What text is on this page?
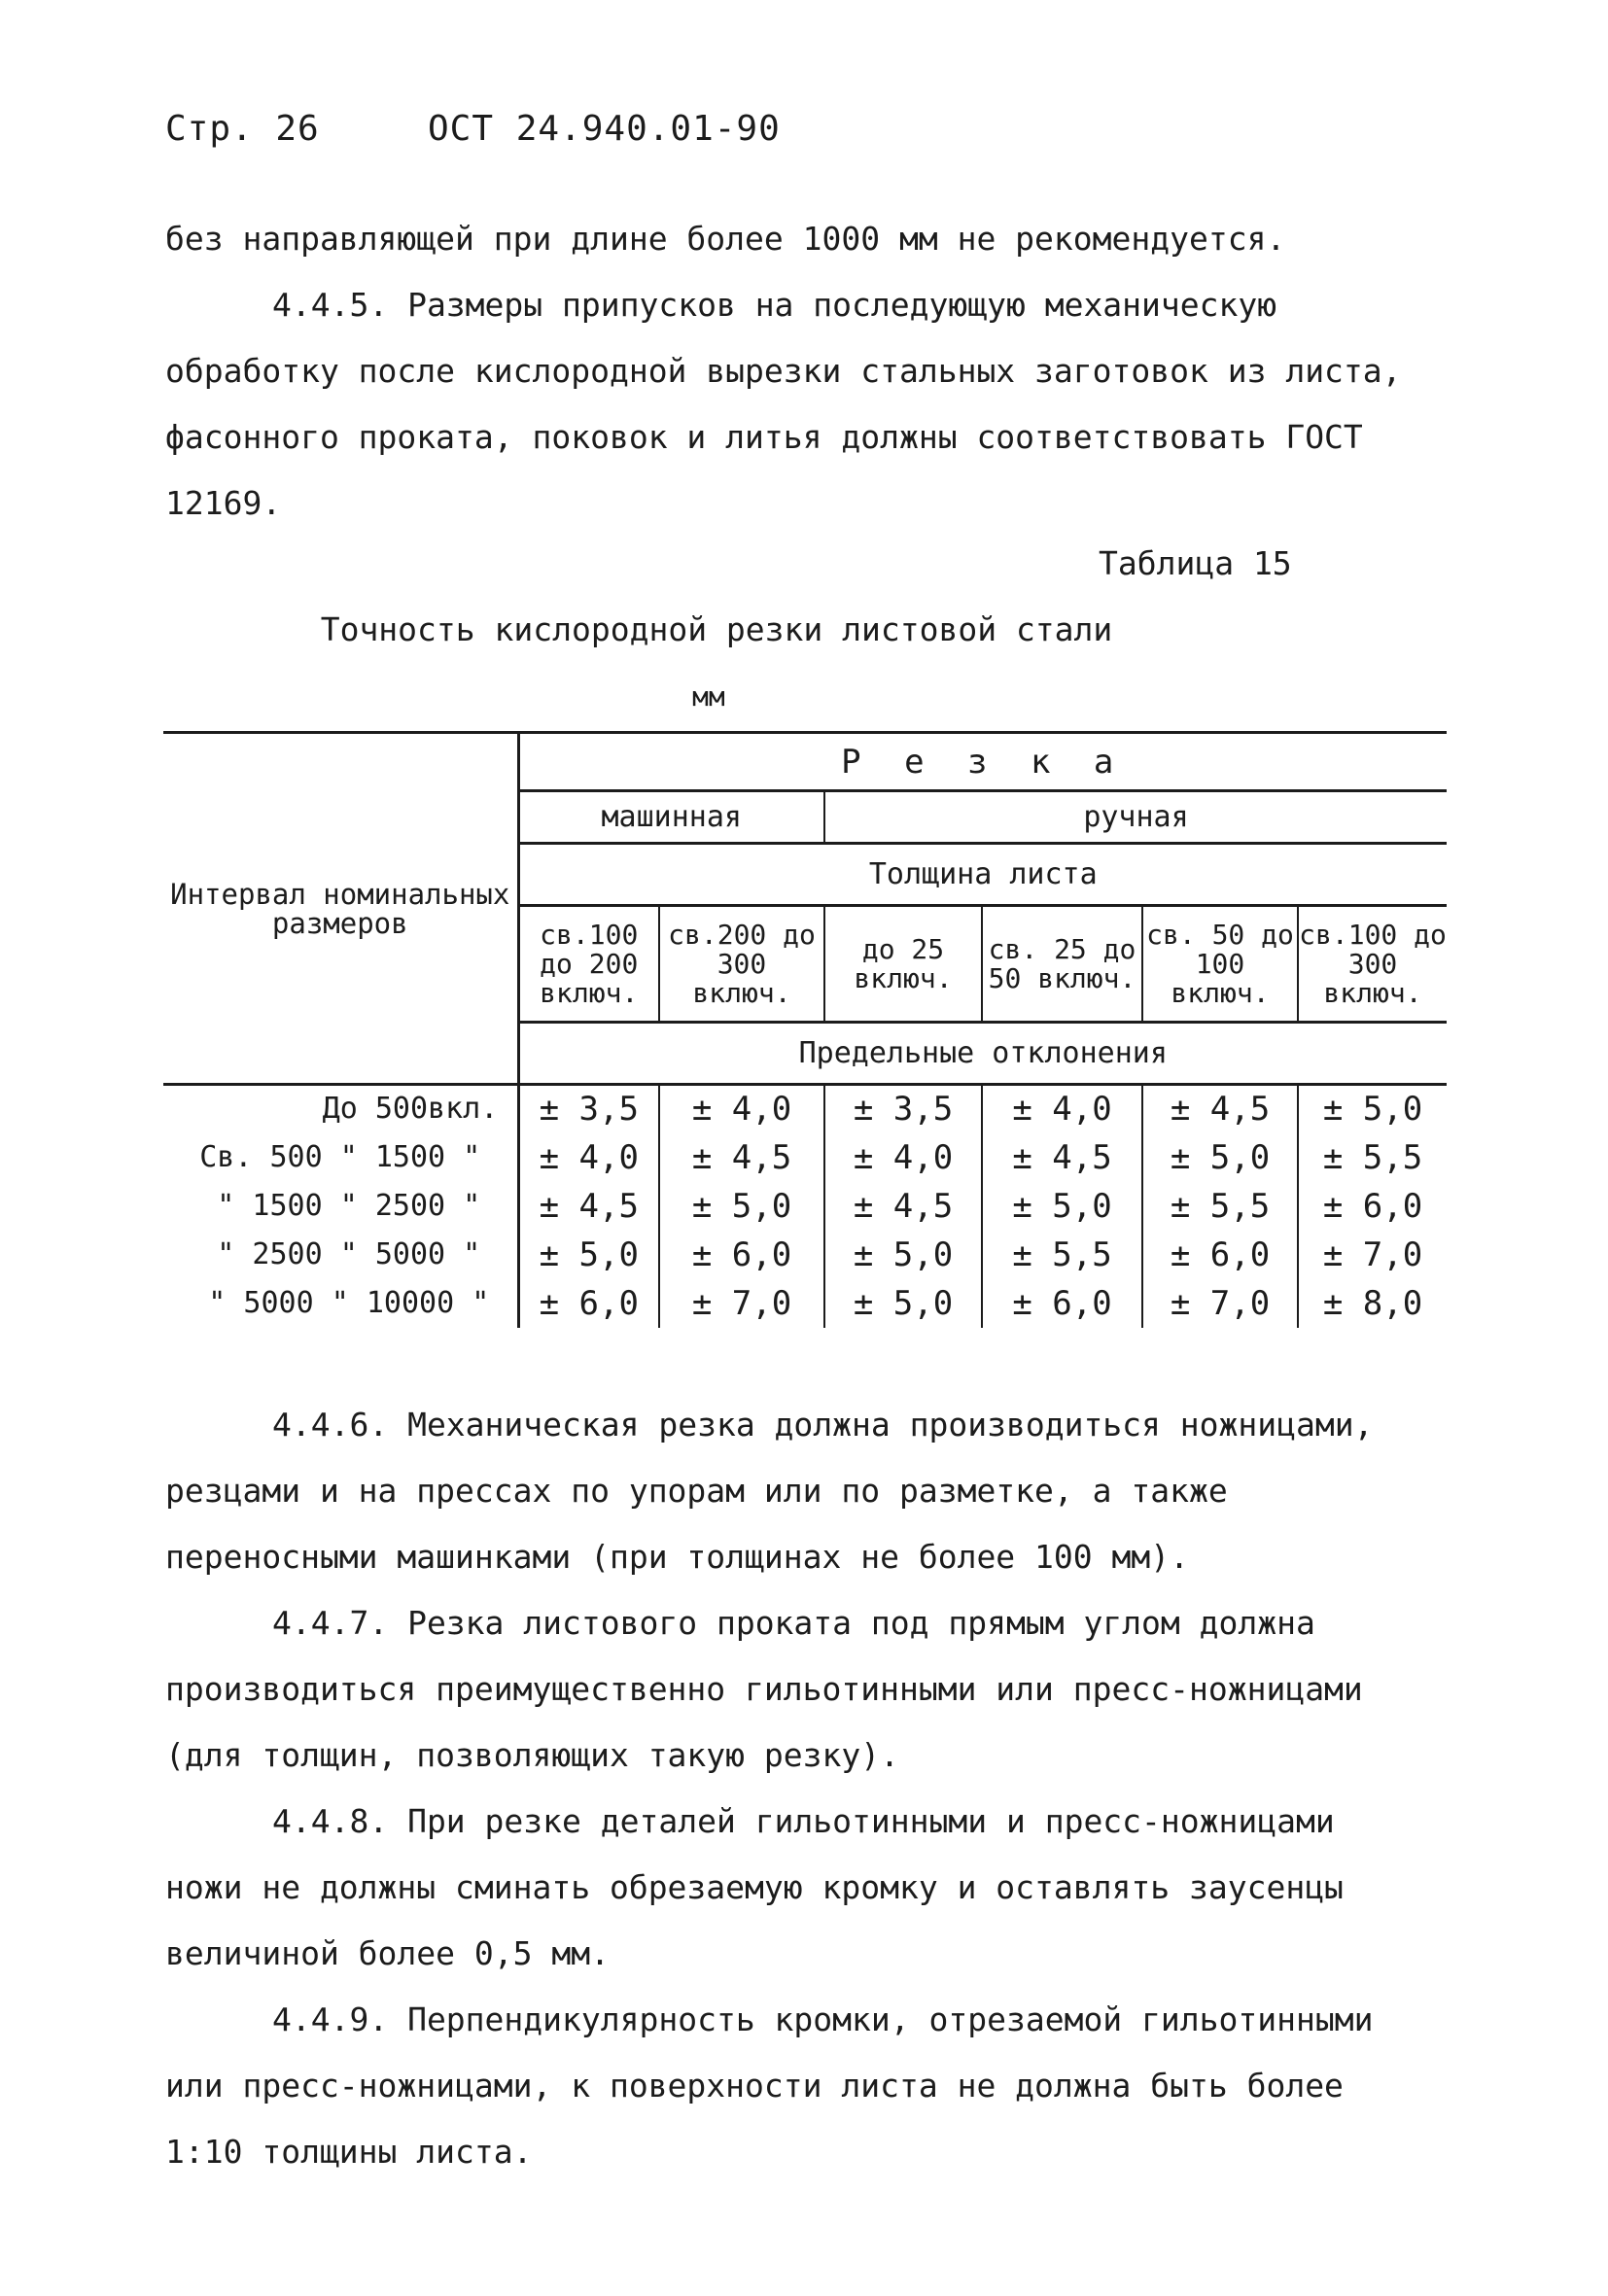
Стр. 26	ОСТ 24.940.01-90
без направляющей при длине более 1000 мм не рекомендуется.
4.4.5. Размеры припусков на последующую механическую обработку после кислородной вырезки стальных заготовок из листа, фасонного проката, поковок и литья должны соответствовать ГОСТ 12169.
Таблица 15
Точность кислородной резки листовой стали
мм
Интервал номинальных размеров	Р е з к а					
	машинная		ручная			
	Толщина листа					
	св.100 до 200 включ.	св.200 до 300 включ.	до 25 включ.	св. 25 до 50 включ.	св. 50 до 100 включ.	св.100 до 300 включ.
	Предельные отклонения					
До 500вкл.	± 3,5	± 4,0	± 3,5	± 4,0	± 4,5	± 5,0
Св. 500 " 1500 "	± 4,0	± 4,5	± 4,0	± 4,5	± 5,0	± 5,5
" 1500 " 2500 "	± 4,5	± 5,0	± 4,5	± 5,0	± 5,5	± 6,0
" 2500 " 5000 "	± 5,0	± 6,0	± 5,0	± 5,5	± 6,0	± 7,0
" 5000 " 10000 "	± 6,0	± 7,0	± 5,0	± 6,0	± 7,0	± 8,0
4.4.6. Механическая резка должна производиться ножницами, резцами и на прессах по упорам или по разметке, а также переносными машинками (при толщинах не более 100 мм).
4.4.7. Резка листового проката под прямым углом должна производиться преимущественно гильотинными или пресс-ножницами (для толщин, позволяющих такую резку).
4.4.8. При резке деталей гильотинными и пресс-ножницами ножи не должны сминать обрезаемую кромку и оставлять заусенцы величиной более 0,5 мм.
4.4.9. Перпендикулярность кромки, отрезаемой гильотинными или пресс-ножницами, к поверхности листа не должна быть более 1:10 толщины листа.
